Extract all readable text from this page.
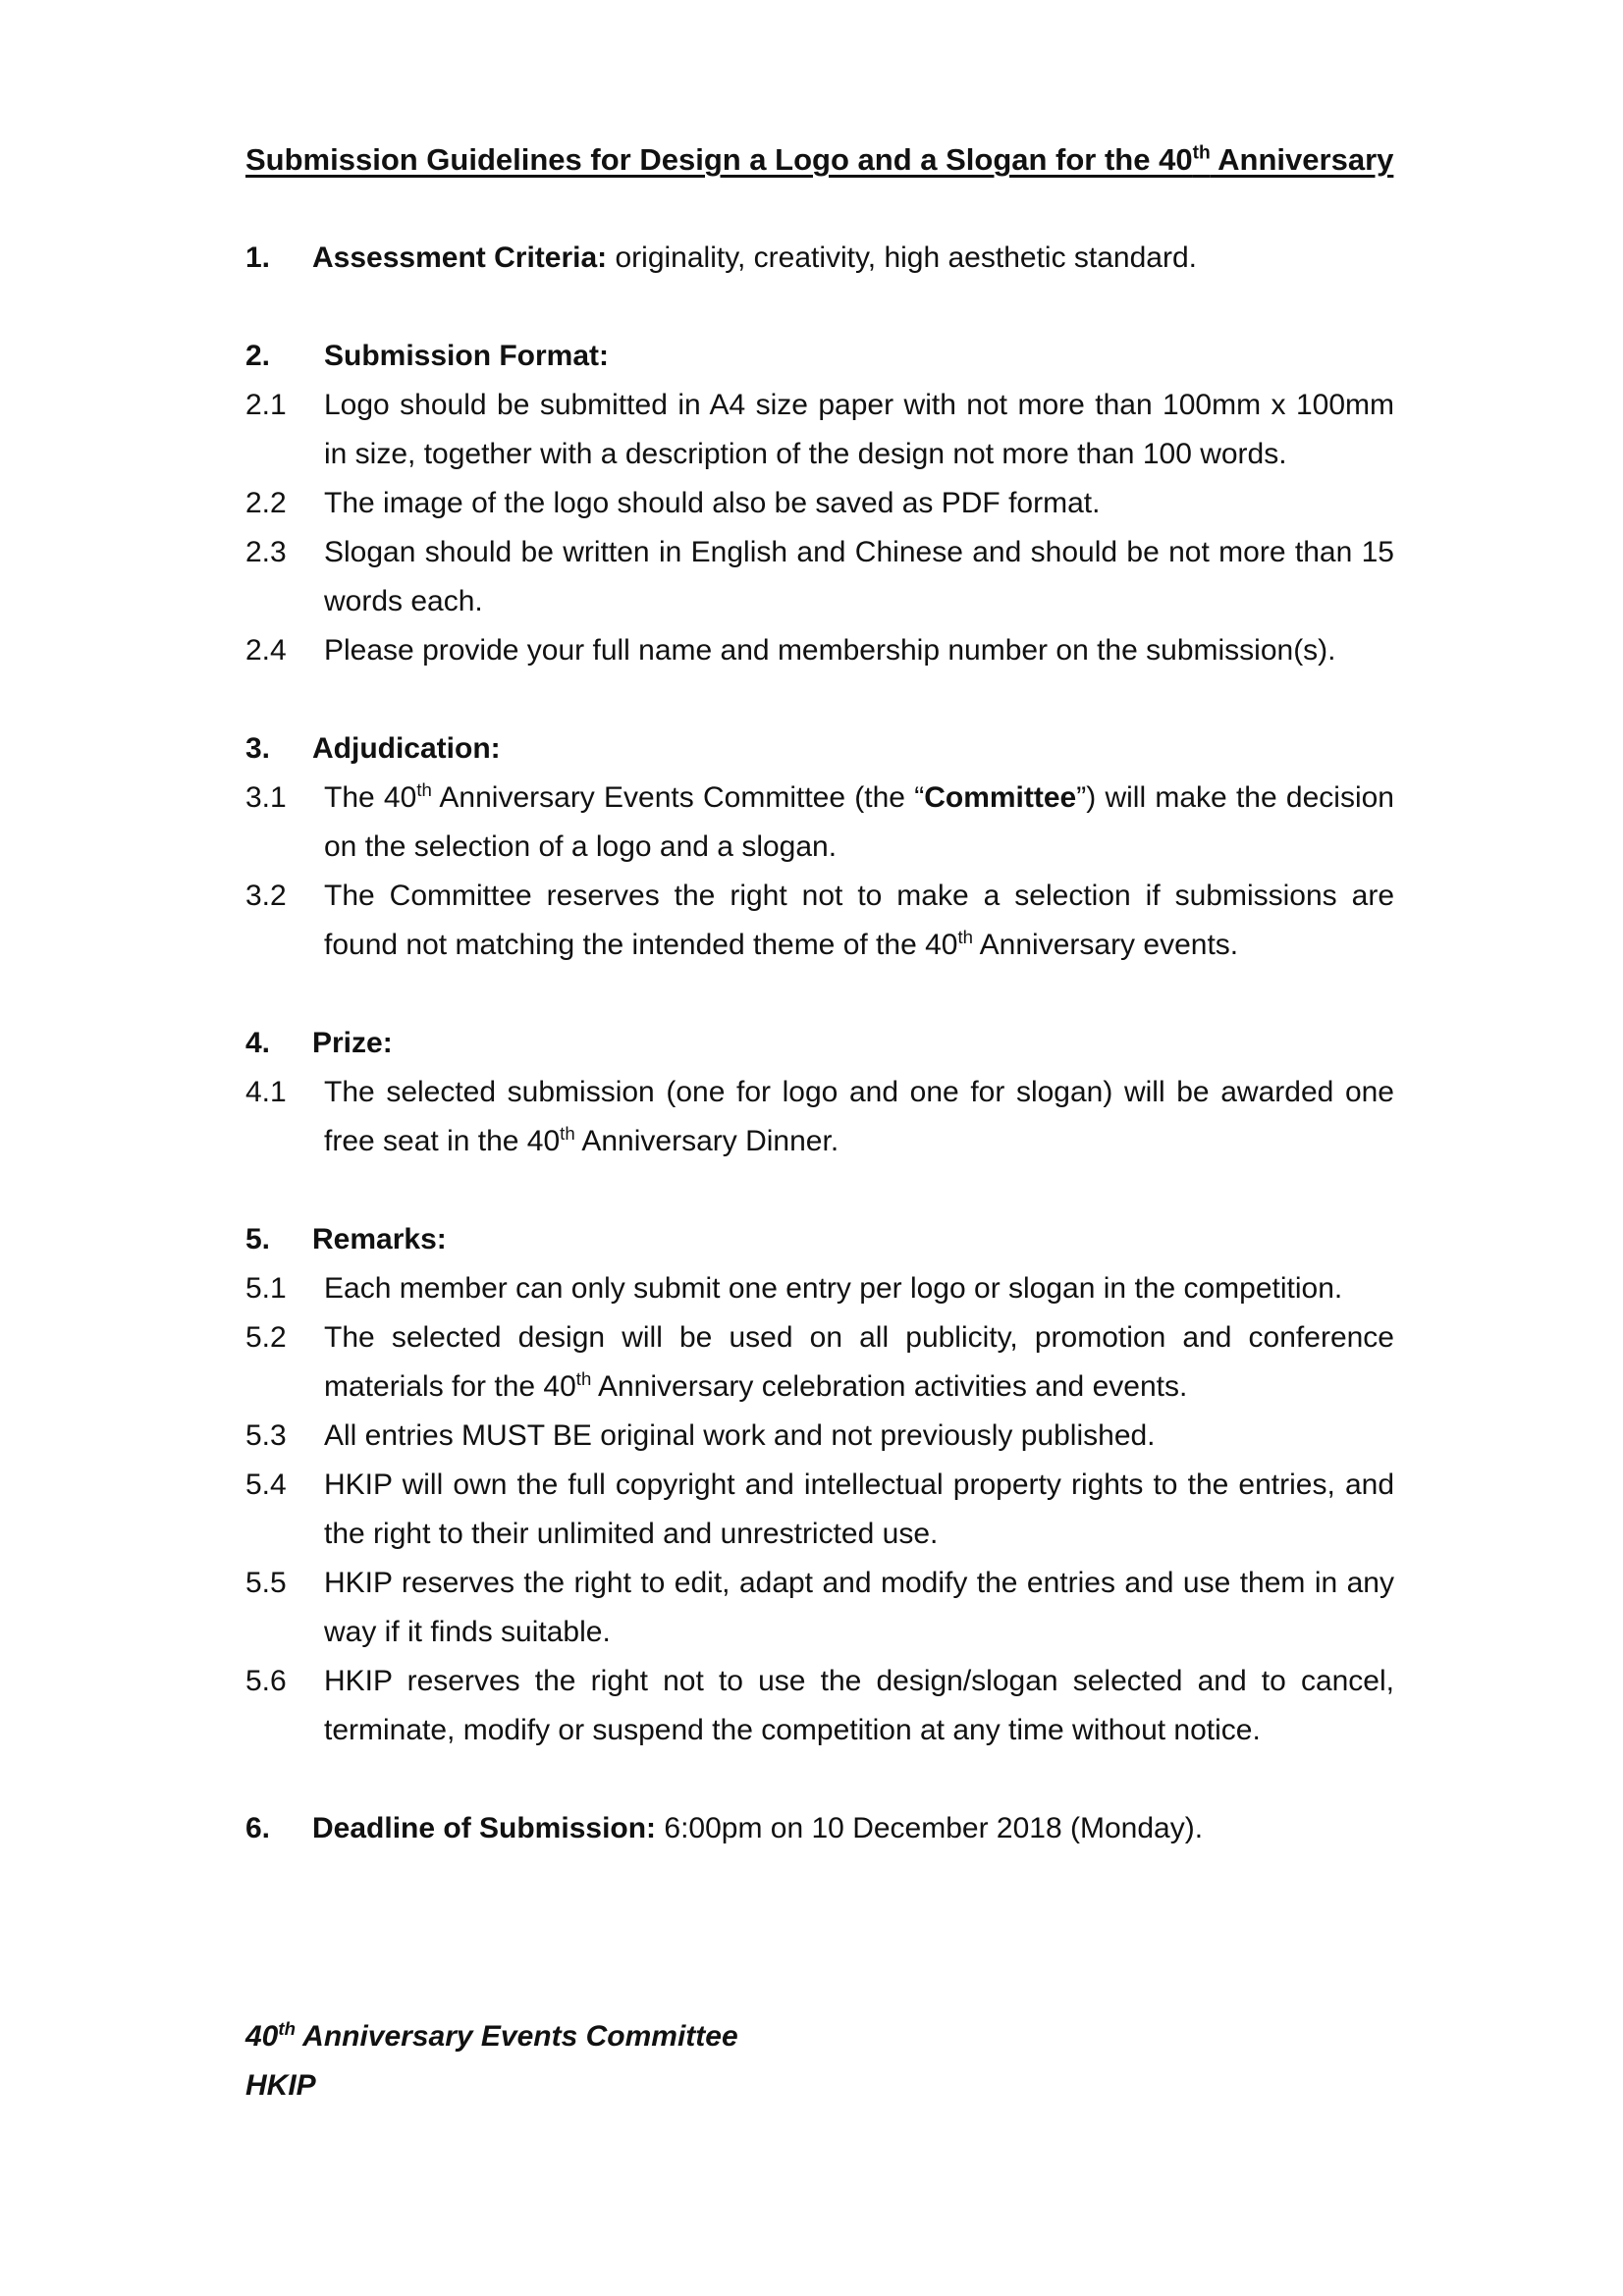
Submission Guidelines for Design a Logo and a Slogan for the 40th Anniversary
1.	Assessment Criteria: originality, creativity, high aesthetic standard.
2.	Submission Format:
2.1	Logo should be submitted in A4 size paper with not more than 100mm x 100mm in size, together with a description of the design not more than 100 words.
2.2	The image of the logo should also be saved as PDF format.
2.3	Slogan should be written in English and Chinese and should be not more than 15 words each.
2.4	Please provide your full name and membership number on the submission(s).
3.	Adjudication:
3.1	The 40th Anniversary Events Committee (the “Committee”) will make the decision on the selection of a logo and a slogan.
3.2	The Committee reserves the right not to make a selection if submissions are found not matching the intended theme of the 40th Anniversary events.
4.	Prize:
4.1	The selected submission (one for logo and one for slogan) will be awarded one free seat in the 40th Anniversary Dinner.
5.	Remarks:
5.1	Each member can only submit one entry per logo or slogan in the competition.
5.2	The selected design will be used on all publicity, promotion and conference materials for the 40th Anniversary celebration activities and events.
5.3	All entries MUST BE original work and not previously published.
5.4	HKIP will own the full copyright and intellectual property rights to the entries, and the right to their unlimited and unrestricted use.
5.5	HKIP reserves the right to edit, adapt and modify the entries and use them in any way if it finds suitable.
5.6	HKIP reserves the right not to use the design/slogan selected and to cancel, terminate, modify or suspend the competition at any time without notice.
6.	Deadline of Submission: 6:00pm on 10 December 2018 (Monday).
40th Anniversary Events Committee
HKIP
